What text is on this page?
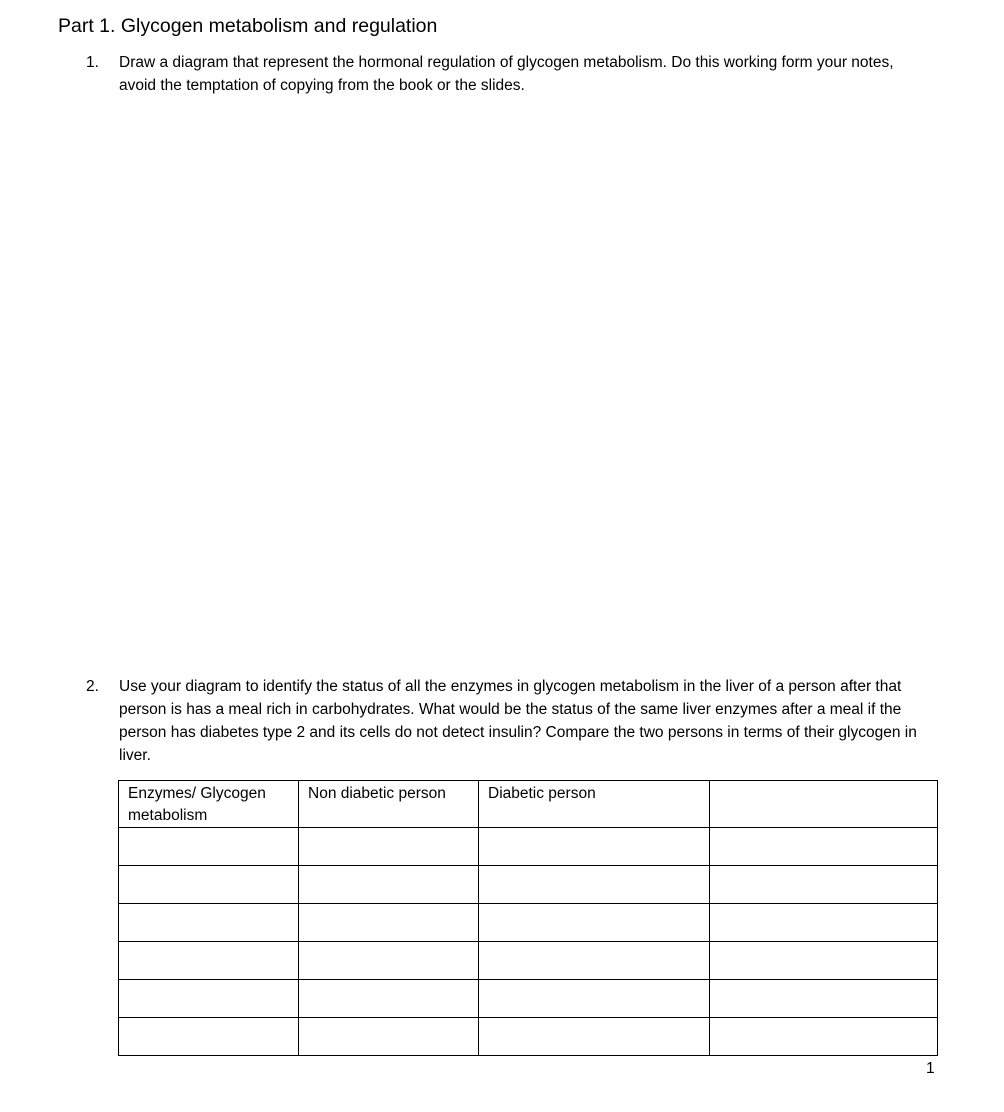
Part 1. Glycogen metabolism and regulation
1. Draw a diagram that represent the hormonal regulation of glycogen metabolism. Do this working form your notes, avoid the temptation of copying from the book or the slides.
2. Use your diagram to identify the status of all the enzymes in glycogen metabolism in the liver of a person after that person is has a meal rich in carbohydrates. What would be the status of the same liver enzymes after a meal if the person has diabetes type 2 and its cells do not detect insulin? Compare the two persons in terms of their glycogen in liver.
Enzymes/ Glycogen metabolism	Non diabetic person	Diabetic person	

1
